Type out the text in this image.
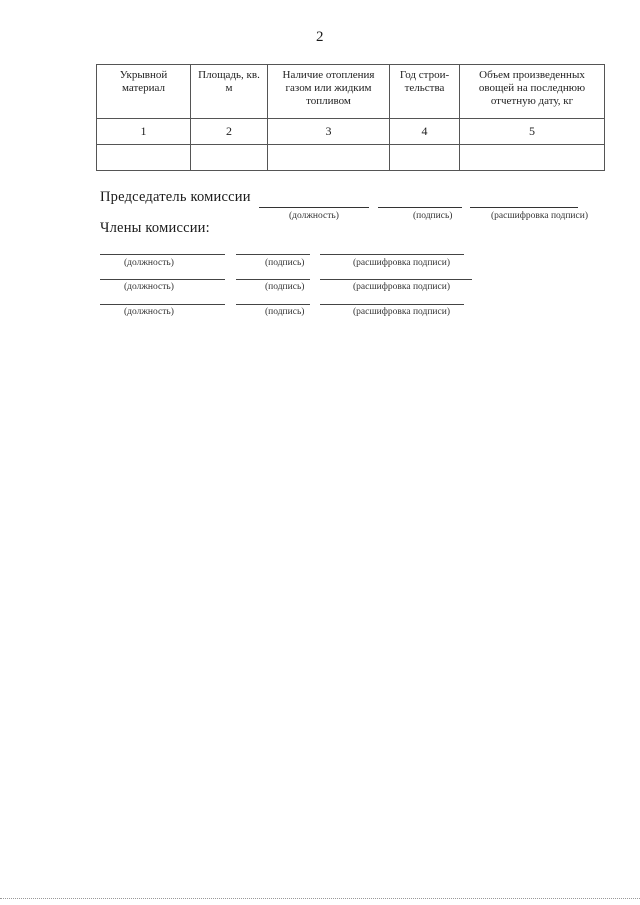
2
Укрывной материал	Площадь, кв. м	Наличие отопления газом или жидким топливом	Год строи-тельства	Объем произведенных овощей на последнюю отчетную дату, кг
1	2	3	4	5

Председатель комиссии
(должность)	(подпись)	(расшифровка подписи)
Члены комиссии:
(должность)	(подпись)	(расшифровка подписи)
(должность)	(подпись)	(расшифровка подписи)
(должность)	(подпись)	(расшифровка подписи)
